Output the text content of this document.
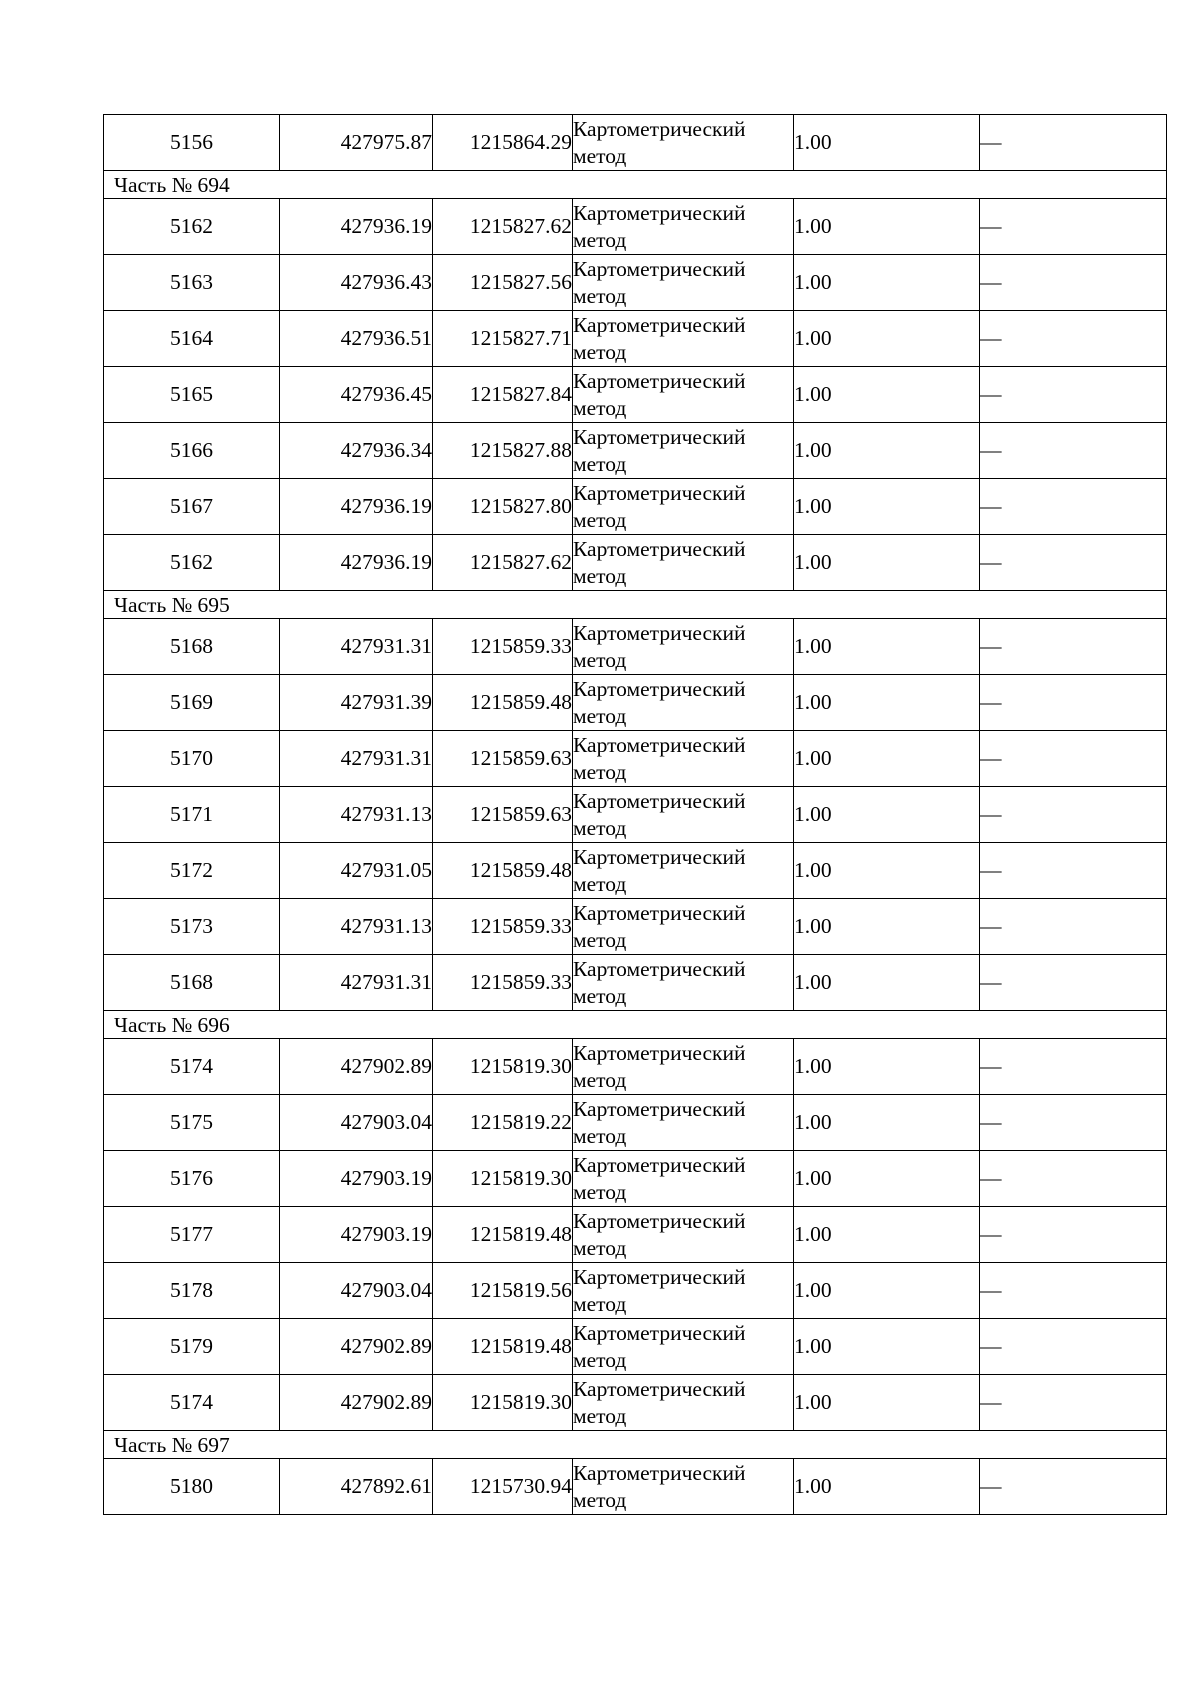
5156	427975.87	1215864.29	Картометрический метод	1.00	—
Часть № 694					
5162	427936.19	1215827.62	Картометрический метод	1.00	—
5163	427936.43	1215827.56	Картометрический метод	1.00	—
5164	427936.51	1215827.71	Картометрический метод	1.00	—
5165	427936.45	1215827.84	Картометрический метод	1.00	—
5166	427936.34	1215827.88	Картометрический метод	1.00	—
5167	427936.19	1215827.80	Картометрический метод	1.00	—
5162	427936.19	1215827.62	Картометрический метод	1.00	—
Часть № 695					
5168	427931.31	1215859.33	Картометрический метод	1.00	—
5169	427931.39	1215859.48	Картометрический метод	1.00	—
5170	427931.31	1215859.63	Картометрический метод	1.00	—
5171	427931.13	1215859.63	Картометрический метод	1.00	—
5172	427931.05	1215859.48	Картометрический метод	1.00	—
5173	427931.13	1215859.33	Картометрический метод	1.00	—
5168	427931.31	1215859.33	Картометрический метод	1.00	—
Часть № 696					
5174	427902.89	1215819.30	Картометрический метод	1.00	—
5175	427903.04	1215819.22	Картометрический метод	1.00	—
5176	427903.19	1215819.30	Картометрический метод	1.00	—
5177	427903.19	1215819.48	Картометрический метод	1.00	—
5178	427903.04	1215819.56	Картометрический метод	1.00	—
5179	427902.89	1215819.48	Картометрический метод	1.00	—
5174	427902.89	1215819.30	Картометрический метод	1.00	—
Часть № 697					
5180	427892.61	1215730.94	Картометрический метод	1.00	—
